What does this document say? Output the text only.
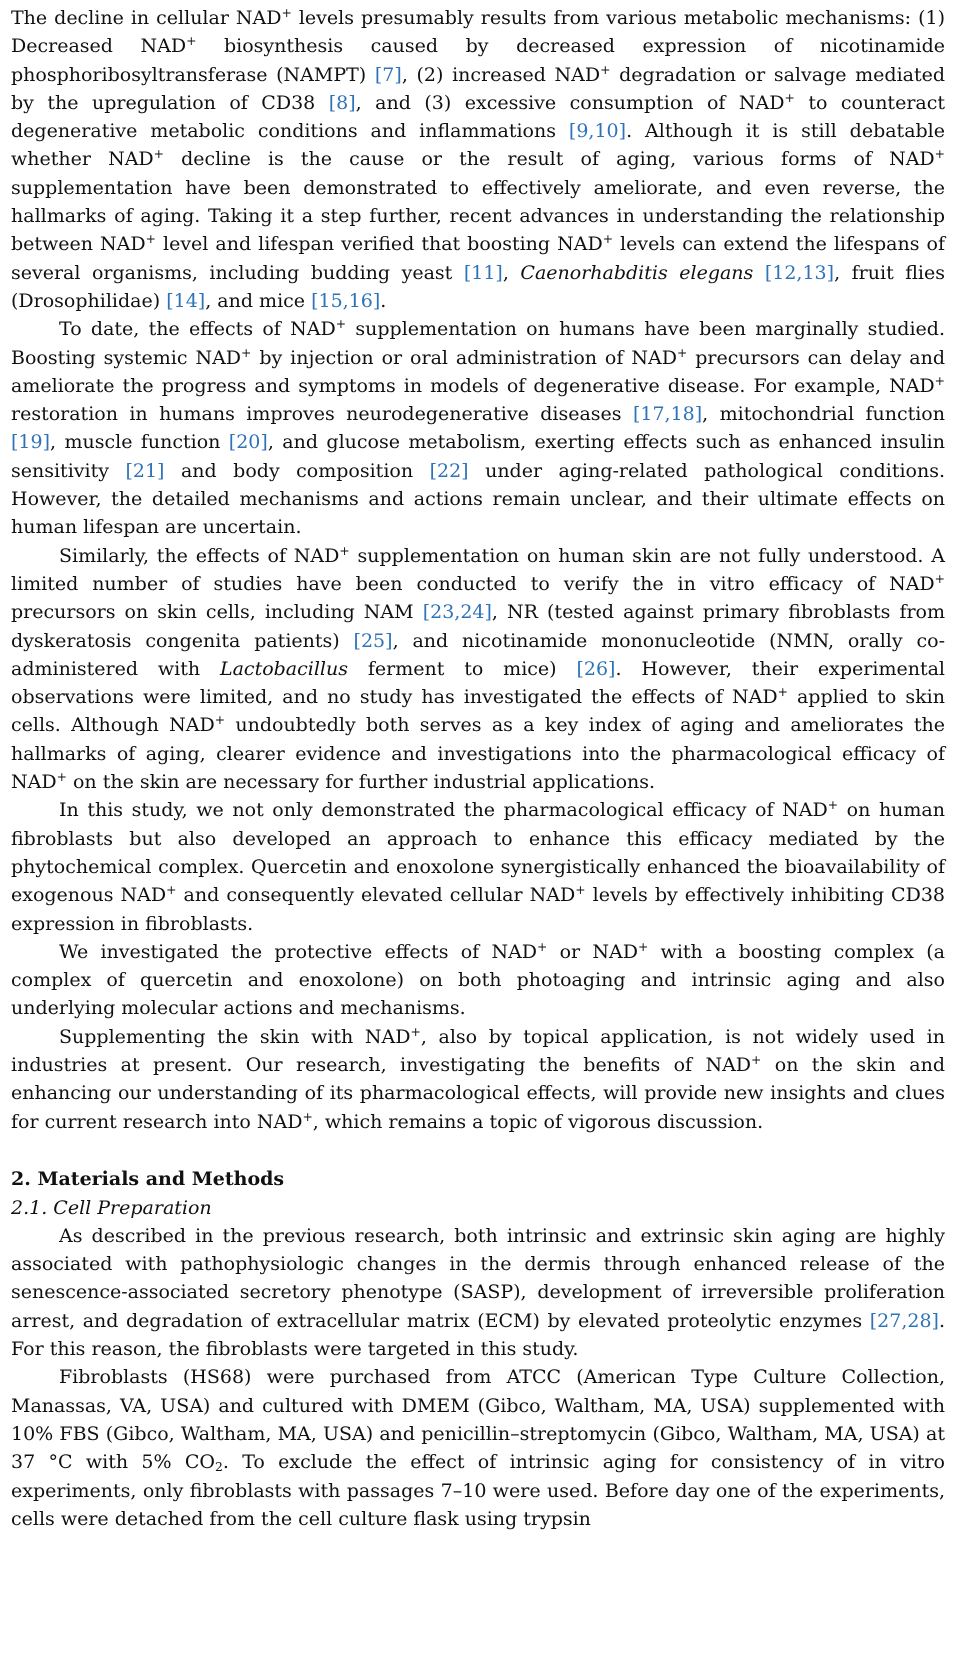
The decline in cellular NAD+ levels presumably results from various metabolic mechanisms: (1) Decreased NAD+ biosynthesis caused by decreased expression of nicotinamide phosphoribosyltransferase (NAMPT) [7], (2) increased NAD+ degradation or salvage mediated by the upregulation of CD38 [8], and (3) excessive consumption of NAD+ to counteract degenerative metabolic conditions and inflammations [9,10]. Although it is still debatable whether NAD+ decline is the cause or the result of aging, various forms of NAD+ supplementation have been demonstrated to effectively ameliorate, and even reverse, the hallmarks of aging. Taking it a step further, recent advances in understanding the relationship between NAD+ level and lifespan verified that boosting NAD+ levels can extend the lifespans of several organisms, including budding yeast [11], Caenorhabditis elegans [12,13], fruit flies (Drosophilidae) [14], and mice [15,16].

To date, the effects of NAD+ supplementation on humans have been marginally studied. Boosting systemic NAD+ by injection or oral administration of NAD+ precursors can delay and ameliorate the progress and symptoms in models of degenerative disease. For example, NAD+ restoration in humans improves neurodegenerative diseases [17,18], mitochondrial function [19], muscle function [20], and glucose metabolism, exerting effects such as enhanced insulin sensitivity [21] and body composition [22] under aging-related pathological conditions. However, the detailed mechanisms and actions remain unclear, and their ultimate effects on human lifespan are uncertain.

Similarly, the effects of NAD+ supplementation on human skin are not fully understood. A limited number of studies have been conducted to verify the in vitro efficacy of NAD+ precursors on skin cells, including NAM [23,24], NR (tested against primary fibroblasts from dyskeratosis congenita patients) [25], and nicotinamide mononucleotide (NMN, orally co-administered with Lactobacillus ferment to mice) [26]. However, their experimental observations were limited, and no study has investigated the effects of NAD+ applied to skin cells. Although NAD+ undoubtedly both serves as a key index of aging and ameliorates the hallmarks of aging, clearer evidence and investigations into the pharmacological efficacy of NAD+ on the skin are necessary for further industrial applications.

In this study, we not only demonstrated the pharmacological efficacy of NAD+ on human fibroblasts but also developed an approach to enhance this efficacy mediated by the phytochemical complex. Quercetin and enoxolone synergistically enhanced the bioavailability of exogenous NAD+ and consequently elevated cellular NAD+ levels by effectively inhibiting CD38 expression in fibroblasts.

We investigated the protective effects of NAD+ or NAD+ with a boosting complex (a complex of quercetin and enoxolone) on both photoaging and intrinsic aging and also underlying molecular actions and mechanisms.

Supplementing the skin with NAD+, also by topical application, is not widely used in industries at present. Our research, investigating the benefits of NAD+ on the skin and enhancing our understanding of its pharmacological effects, will provide new insights and clues for current research into NAD+, which remains a topic of vigorous discussion.

2. Materials and Methods
2.1. Cell Preparation

As described in the previous research, both intrinsic and extrinsic skin aging are highly associated with pathophysiologic changes in the dermis through enhanced release of the senescence-associated secretory phenotype (SASP), development of irreversible proliferation arrest, and degradation of extracellular matrix (ECM) by elevated proteolytic enzymes [27,28]. For this reason, the fibroblasts were targeted in this study.

Fibroblasts (HS68) were purchased from ATCC (American Type Culture Collection, Manassas, VA, USA) and cultured with DMEM (Gibco, Waltham, MA, USA) supplemented with 10% FBS (Gibco, Waltham, MA, USA) and penicillin–streptomycin (Gibco, Waltham, MA, USA) at 37 °C with 5% $CO_2$. To exclude the effect of intrinsic aging for consistency of in vitro experiments, only fibroblasts with passages 7–10 were used. Before day one of the experiments, cells were detached from the cell culture flask using trypsin
